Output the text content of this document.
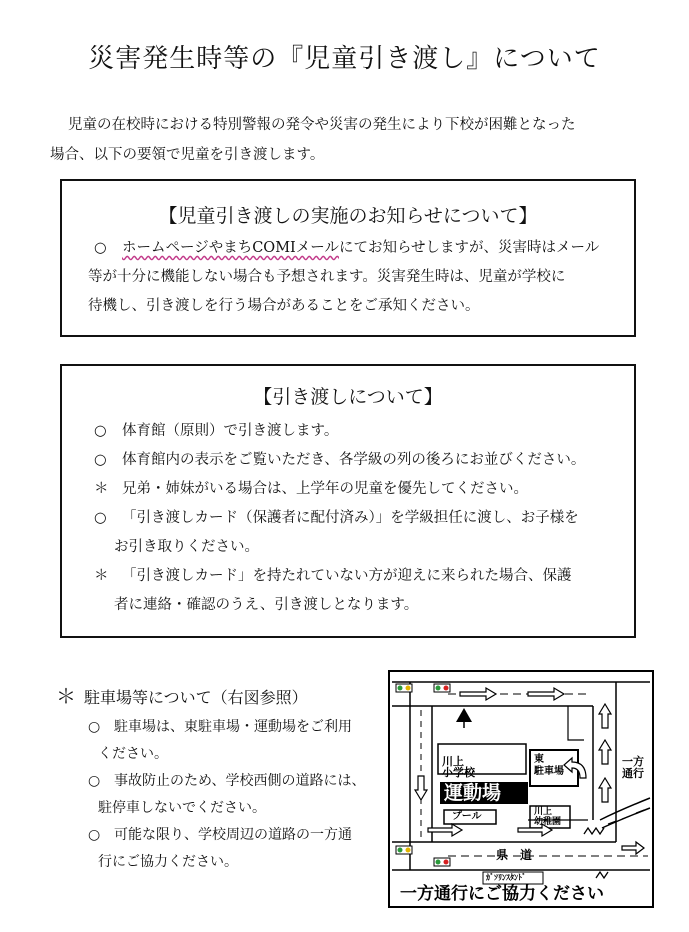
災害発生時等の『児童引き渡し』について
児童の在校時における特別警報の発令や災害の発生により下校が困難となった
場合、以下の要領で児童を引き渡します。
【児童引き渡しの実施のお知らせについて】
○ ホームページやまちCOMIメールにてお知らせしますが、災害時はメール
等が十分に機能しない場合も予想されます。災害発生時は、児童が学校に
待機し、引き渡しを行う場合があることをご承知ください。
【引き渡しについて】
○ 体育館（原則）で引き渡します。
○ 体育館内の表示をご覧いただき、各学級の列の後ろにお並びください。
＊ 兄弟・姉妹がいる場合は、上学年の児童を優先してください。
○ 「引き渡しカード（保護者に配付済み）」を学級担任に渡し、お子様を
お引き取りください。
＊ 「引き渡しカード」を持たれていない方が迎えに来られた場合、保護
者に連絡・確認のうえ、引き渡しとなります。
＊ 駐車場等について（右図参照）
○ 駐車場は、東駐車場・運動場をご利用
ください。
○ 事故防止のため、学校西側の道路には、
駐停車しないでください。
○ 可能な限り、学校周辺の道路の一方通
行にご協力ください。
川上
小学校
東
駐車場
運動場
プール	川上
幼稚園
県　道
ｶﾞｿﾘﾝｽﾀﾝﾄﾞ
一方
通行
一方通行にご協力ください
